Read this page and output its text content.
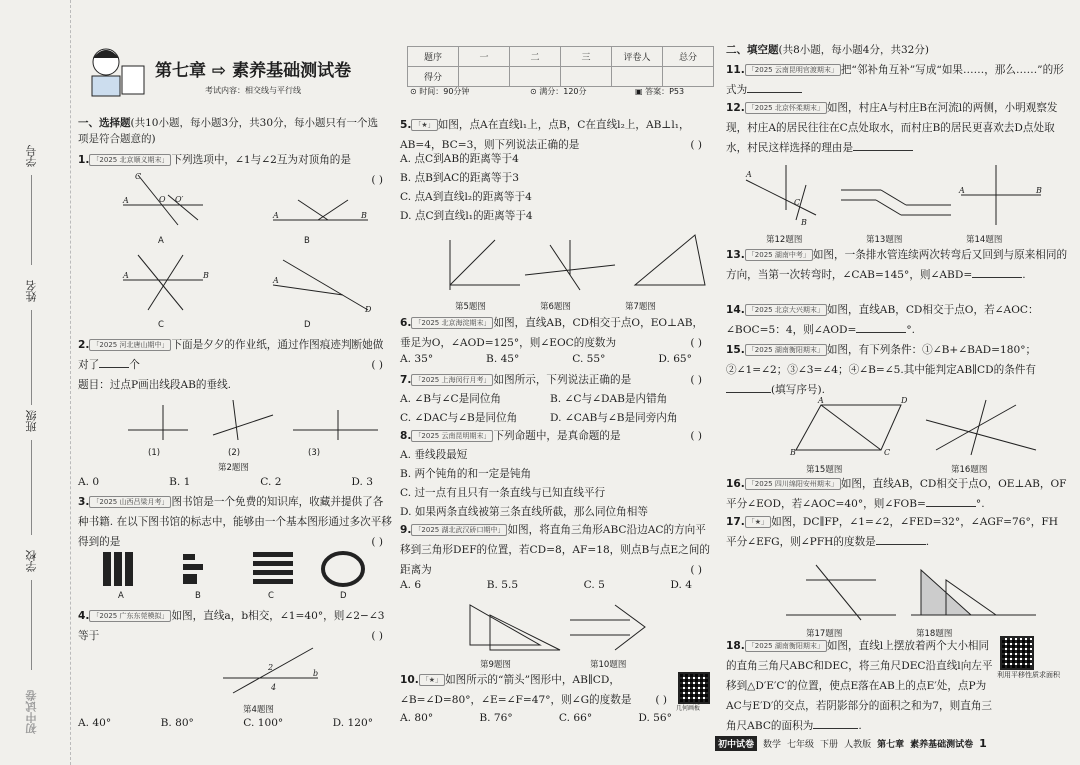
学号
姓名
班级
学校
初中试卷
第七章 ⇨ 素养基础测试卷
考试内容：相交线与平行线
题序	一	二	三	评卷人	总分
得分					
⊙ 时间：90分钟	⊙ 满分：120分	▣ 答案：P53
一、选择题(共10小题，每小题3分，共30分，每小题只有一个选项是符合题意的)
1. 「2025 北京顺义期末」 下列选项中，∠1与∠2互为对顶角的是
( )

A
C
O O′
A
A	B
B
A	B
C
A
D
D
2. 「2025 河北唐山期中」 下面是夕夕的作业纸，通过作图痕迹判断她做对了	个	( )
题目：过点P画出线段AB的垂线.
(1)	(2)	(3)
第2题图
A. 0	B. 1	C. 2	D. 3
3. 「2025 山西吕梁月考」 图书馆是一个免费的知识库，收藏并提供了各种书籍. 在以下图书馆的标志中，能够由一个基本图形通过多次平移得到的是	( )
A	B	C	D
4. 「2025 广东东莞模拟」 如图，直线a，b相交，∠1=40°，则∠2−∠3等于	( )
2
4
b
第4题图
A. 40°	B. 80°	C. 100°	D. 120°
5. 「★」 如图，点A在直线l₁上，点B，C在直线l₂上，AB⊥l₁，AB=4，BC=3，则下列说法正确的是	( )
A. 点C到AB的距离等于4
B. 点B到AC的距离等于3
C. 点A到直线l₂的距离等于4
D. 点C到直线l₁的距离等于4
第5题图	第6题图	第7题图
6. 「2025 北京海淀期末」 如图，直线AB，CD相交于点O，EO⊥AB，垂足为O，∠AOD=125°，则∠EOC的度数为	( )
A. 35°	B. 45°	C. 55°	D. 65°
7. 「2025 上海闵行月考」 如图所示，下列说法正确的是	( )
A. ∠B与∠C是同位角	B. ∠C与∠DAB是内错角
C. ∠DAC与∠B是同位角	D. ∠CAB与∠B是同旁内角
8. 「2025 云南昆明期末」 下列命题中，是真命题的是	( )
A. 垂线段最短
B. 两个钝角的和一定是钝角
C. 过一点有且只有一条直线与已知直线平行
D. 如果两条直线被第三条直线所截，那么同位角相等
9. 「2025 湖北武汉硚口期中」 如图，将直角三角形ABC沿边AC的方向平移到三角形DEF的位置，若CD=8，AF=18，则点B与点E之间的距离为	( )
A. 6	B. 5.5	C. 5	D. 4
第9题图	第10题图
10. 「★」 如图所示的“箭头”图形中，AB∥CD，∠B=∠D=80°，∠E=∠F=47°，则∠G的度数是 ( )
几何画板
A. 80°	B. 76°	C. 66°	D. 56°
二、填空题(共8小题，每小题4分，共32分)
11. 「2025 云南昆明官渡期末」 把“邻补角互补”写成“如果……，那么……”的形式为
12. 「2025 北京怀柔期末」 如图，村庄A与村庄B在河流l的两侧，小明观察发现，村庄A的居民往往在C点处取水，而村庄B的居民更喜欢去D点处取水，村民这样选择的理由是
A
C
B
A	B
第12题图	第13题图	第14题图
13. 「2025 湖南中考」 如图，一条排水管连续两次转弯后又回到与原来相同的方向，当第一次转弯时，∠CAB=145°，则∠ABD=	.
14. 「2025 北京大兴期末」 如图，直线AB，CD相交于点O，若∠AOC：∠BOC=5：4，则∠AOD=	°.
15. 「2025 湖南衡阳期末」 如图，有下列条件：①∠B+∠BAD=180°；②∠1=∠2；③∠3=∠4；④∠B=∠5.其中能判定AB∥CD的条件有(填写序号).
A
B	C
D
第15题图	第16题图
16. 「2025 四川绵阳安州期末」 如图，直线AB，CD相交于点O，OE⊥AB，OF平分∠EOD，若∠AOC=40°，则∠FOB=	°.
17. 「★」 如图，DC∥FP，∠1=∠2，∠FED=32°，∠AGF=76°，FH平分∠EFG，则∠PFH的度数是	.
第17题图	第18题图
18. 「2025 湖南衡阳期末」 如图，直线l上摆放着两个大小相同的直角三角尺ABC和DEC，将三角尺DEC沿直线l向左平移到△D′E′C′的位置，使点E落在AB上的点E′处，点P为AC与E′D′的交点，若阴影部分的面积之和为7，则直角三角尺ABC的面积为	.
利用平移性质求面积
初中试卷	数学 七年级 下册 人教版 第七章 素养基础测试卷 1
